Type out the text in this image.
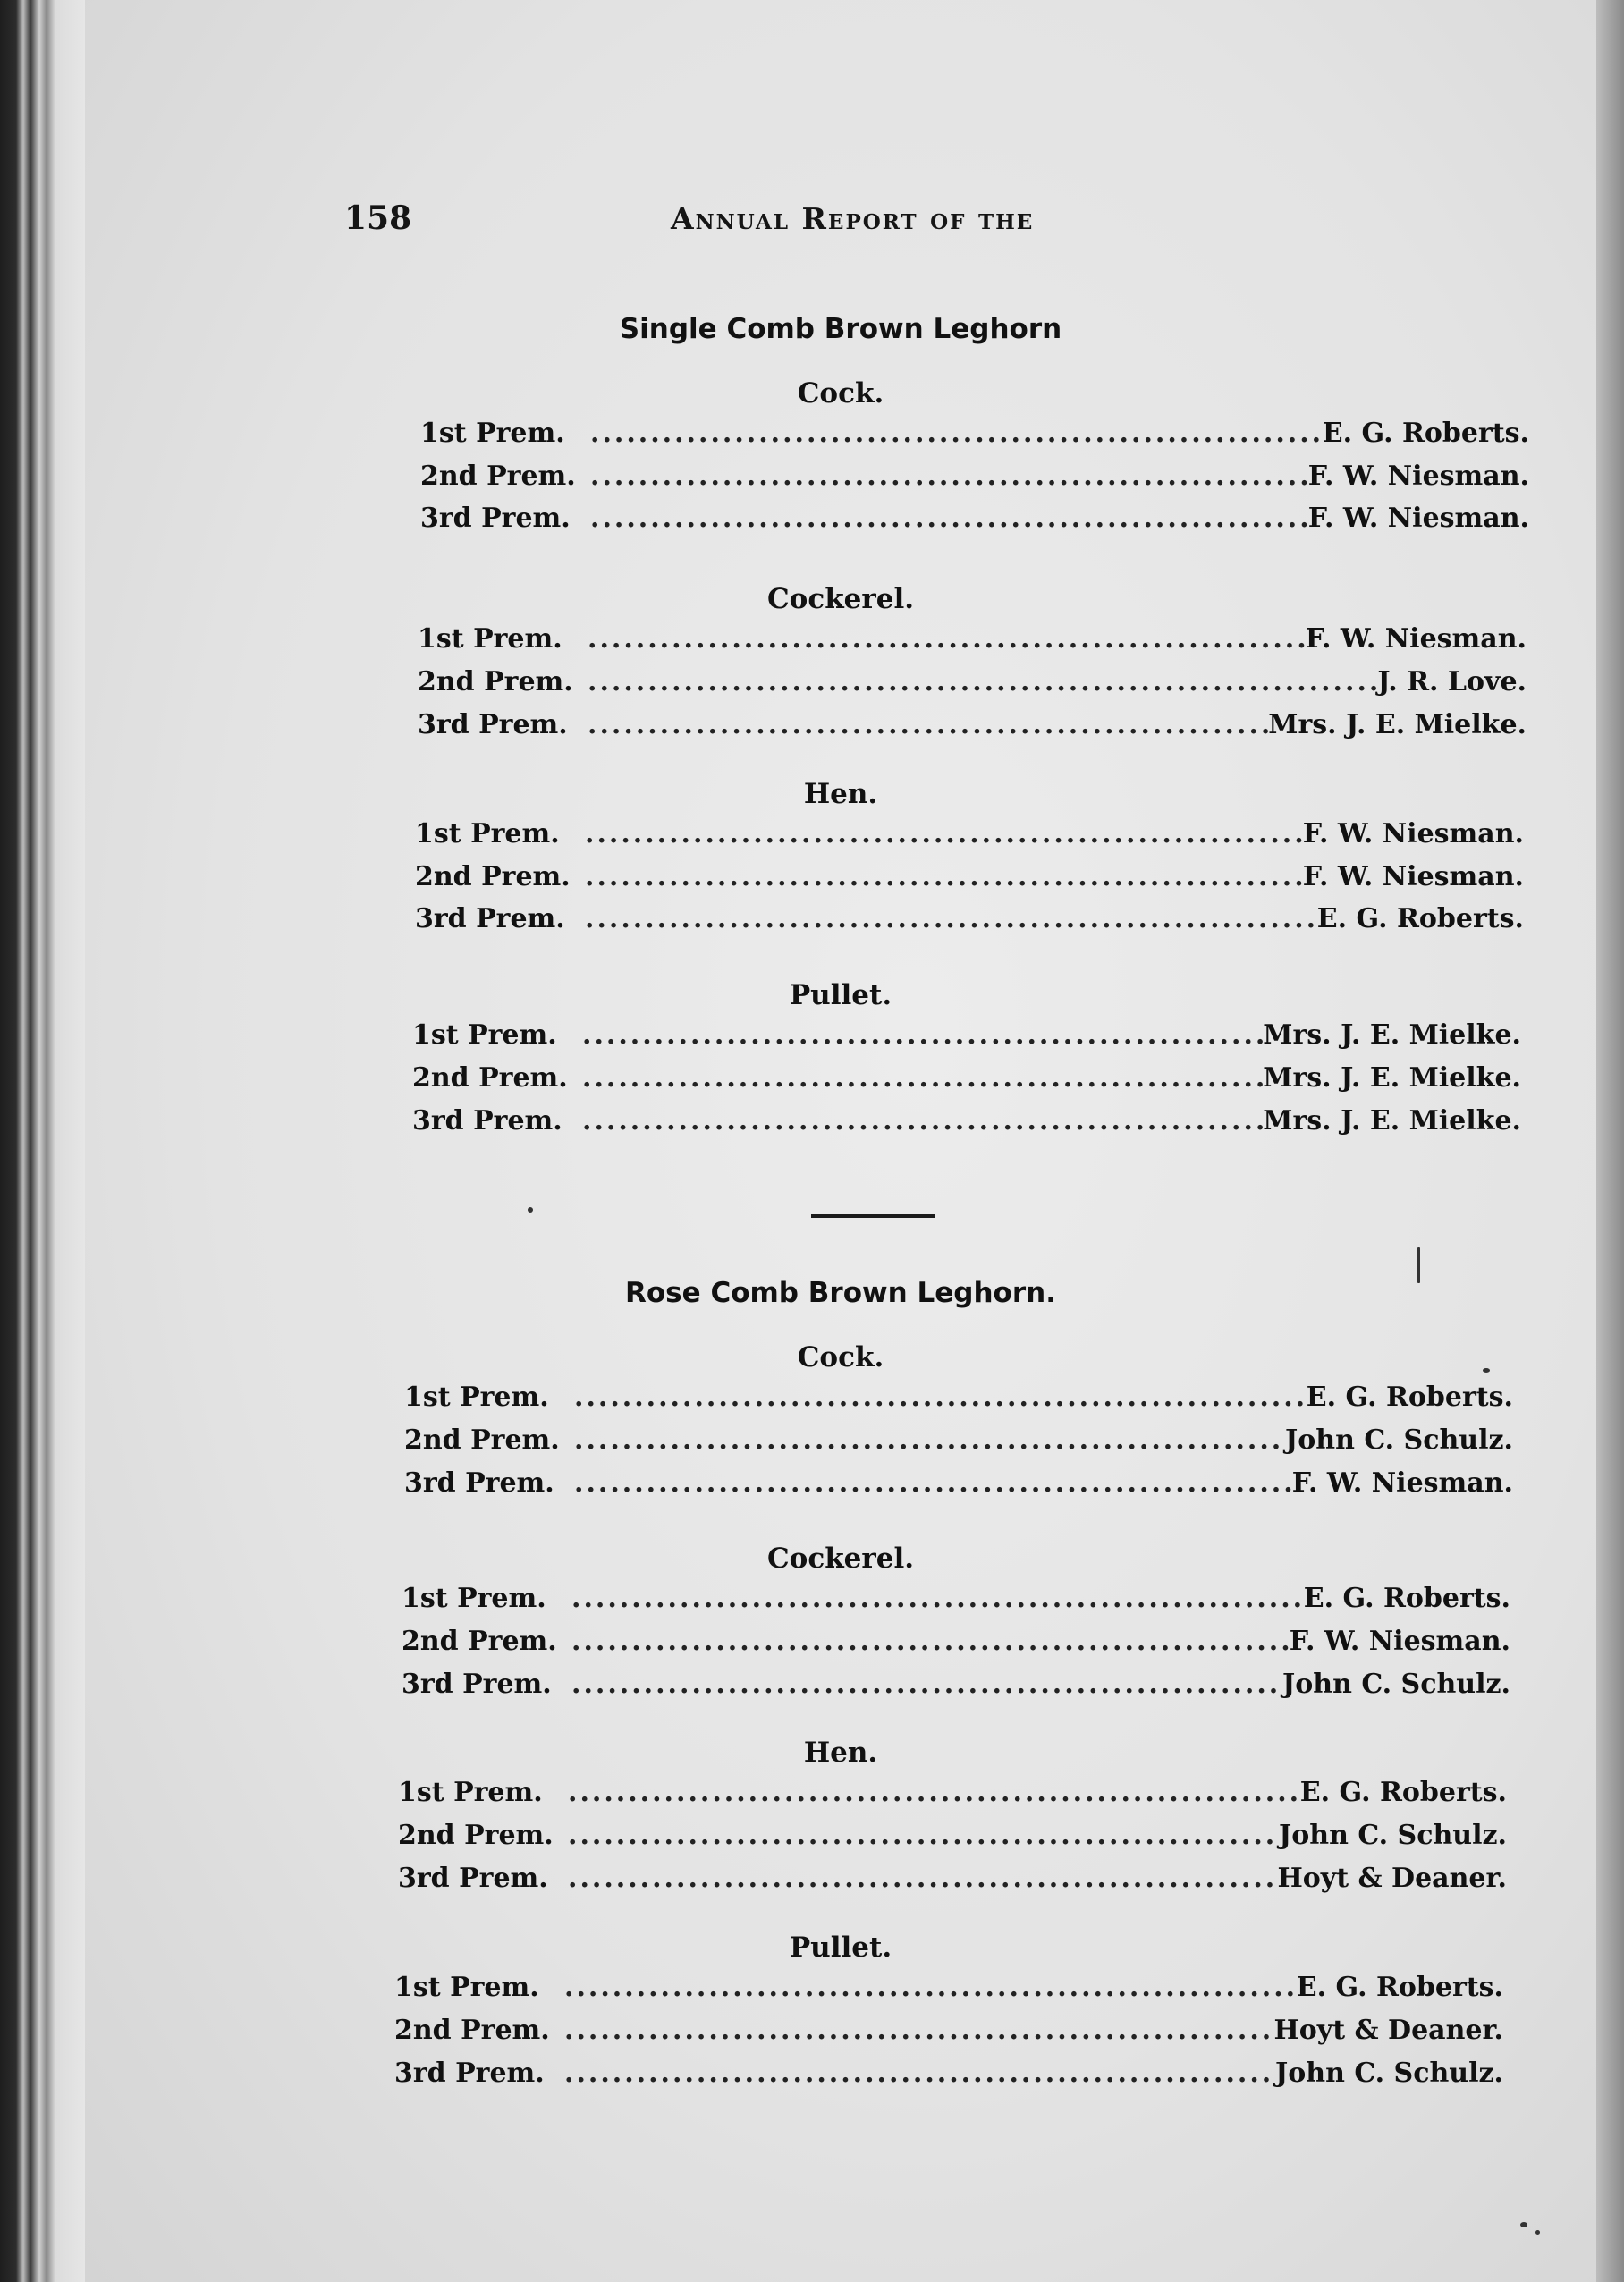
158	Annual Report of the
Single Comb Brown Leghorn
Cock.
1st Prem. .....	E. G. Roberts.
2nd Prem. .....	F. W. Niesman.
3rd Prem. .....	F. W. Niesman.
Cockerel.
1st Prem. .....	F. W. Niesman.
2nd Prem. .....	J. R. Love.
3rd Prem. .....	Mrs. J. E. Mielke.
Hen.
1st Prem. .....	F. W. Niesman.
2nd Prem. .....	F. W. Niesman.
3rd Prem. .....	E. G. Roberts.
Pullet.
1st Prem. .....	Mrs. J. E. Mielke.
2nd Prem. .....	Mrs. J. E. Mielke.
3rd Prem. .....	Mrs. J. E. Mielke.
Rose Comb Brown Leghorn.
Cock.
1st Prem. .....	E. G. Roberts.
2nd Prem. .....	John C. Schulz.
3rd Prem. .....	F. W. Niesman.
Cockerel.
1st Prem. .....	E. G. Roberts.
2nd Prem. .....	F. W. Niesman.
3rd Prem. .....	John C. Schulz.
Hen.
1st Prem. .....	E. G. Roberts.
2nd Prem. .....	John C. Schulz.
3rd Prem. .....	Hoyt & Deaner.
Pullet.
1st Prem. .....	E. G. Roberts.
2nd Prem. .....	Hoyt & Deaner.
3rd Prem. .....	John C. Schulz.
